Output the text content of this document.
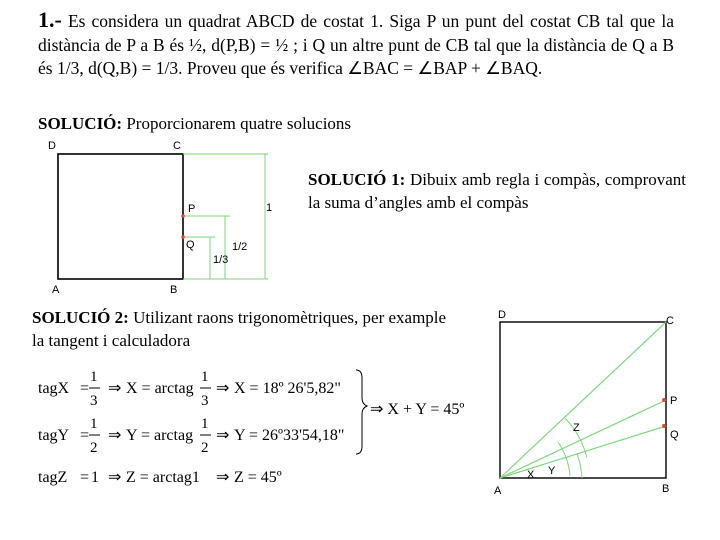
1.- Es considera un quadrat ABCD de costat 1. Siga P un punt del costat CB tal que la distància de P a B és ½, d(P,B) = ½ ; i Q un altre punt de CB tal que la distància de Q a B és 1/3, d(Q,B) = 1/3. Proveu que és verifica ∠BAC = ∠BAP + ∠BAQ.
SOLUCIÓ: Proporcionarem quatre solucions
D	C
A	B
P
Q
1
1/2
1/3
SOLUCIÓ 1: Dibuix amb regla i compàs, comprovant la suma d’angles amb el compàs
SOLUCIÓ 2: Utilizant raons trigonomètriques, per example la tangent i calculadora
tagX =
1
3
⇒ X = arctag
1
3
⇒ X = 18º 26'5,82"
tagY =
1
2
⇒ Y = arctag
1
2
⇒ Y = 26º33'54,18"
tagZ = 1 ⇒ Z = arctag1 ⇒ Z = 45º
⇒ X + Y = 45º
D	C
A	B
P
Q
X Y
Z
